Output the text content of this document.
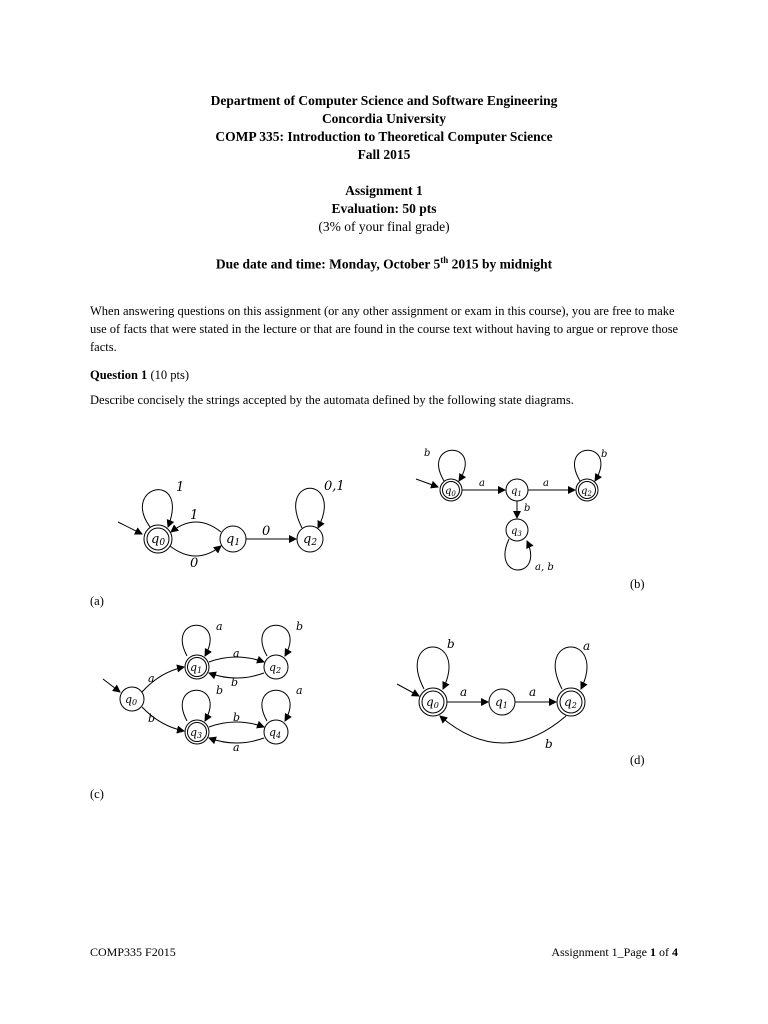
Department of Computer Science and Software Engineering
Concordia University
COMP 335: Introduction to Theoretical Computer Science
Fall 2015
Assignment 1
Evaluation: 50 pts
(3% of your final grade)
Due date and time: Monday, October 5th 2015 by midnight
When answering questions on this assignment (or any other assignment or exam in this course), you are free to make use of facts that were stated in the lecture or that are found in the course text without having to argue or reprove those facts.
Question 1 (10 pts)
Describe concisely the strings accepted by the automata defined by the following state diagrams.
q0	q1	q2
1
1
0
0
0,1	$q_0$	$q_1$	$q_2$
$q_3$
b
a	a
b
b
a, b
q0
q1	q2
q3	q4
a
b
a	b
a
b
b
a
b	a
q0	q1	q2
b
a	a
a
b
(a)
(b)
(c)
(d)
COMP335 F2015	Assignment 1_Page 1 of 4
